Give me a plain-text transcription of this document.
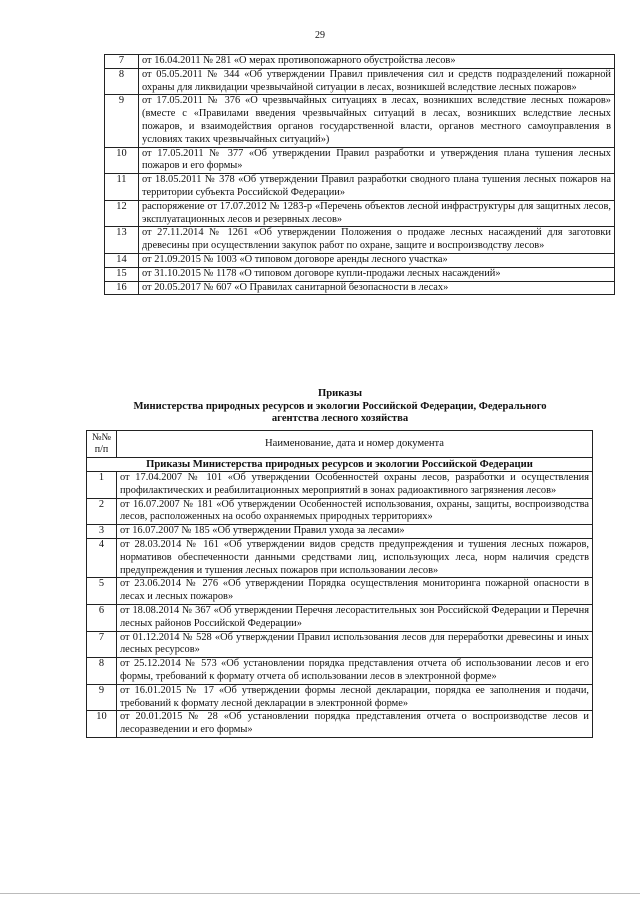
29
7	от 16.04.2011 № 281 «О мерах противопожарного обустройства лесов»
8	от 05.05.2011 № 344 «Об утверждении Правил привлечения сил и средств подразделений пожарной охраны для ликвидации чрезвычайной ситуации в лесах, возникшей вследствие лесных пожаров»
9	от 17.05.2011 № 376 «О чрезвычайных ситуациях в лесах, возникших вследствие лесных пожаров» (вместе с «Правилами введения чрезвычайных ситуаций в лесах, возникших вследствие лесных пожаров, и взаимодействия органов государственной власти, органов местного самоуправления в условиях таких чрезвычайных ситуаций»)
10	от 17.05.2011 № 377 «Об утверждении Правил разработки и утверждения плана тушения лесных пожаров и его формы»
11	от 18.05.2011 № 378 «Об утверждении Правил разработки сводного плана тушения лесных пожаров на территории субъекта Российской Федерации»
12	распоряжение от 17.07.2012 № 1283-р «Перечень объектов лесной инфраструктуры для защитных лесов, эксплуатационных лесов и резервных лесов»
13	от 27.11.2014 № 1261 «Об утверждении Положения о продаже лесных насаждений для заготовки древесины при осуществлении закупок работ по охране, защите и воспроизводству лесов»
14	от 21.09.2015 № 1003 «О типовом договоре аренды лесного участка»
15	от 31.10.2015 № 1178 «О типовом договоре купли-продажи лесных насаждений»
16	от 20.05.2017 № 607 «О Правилах санитарной безопасности в лесах»
Приказы
Министерства природных ресурсов и экологии Российской Федерации, Федерального
агентства лесного хозяйства
№№ п/п	Наименование, дата и номер документа
Приказы Министерства природных ресурсов и экологии Российской Федерации	
1	от 17.04.2007 № 101 «Об утверждении Особенностей охраны лесов, разработки и осуществления профилактических и реабилитационных мероприятий в зонах радиоактивного загрязнения лесов»
2	от 16.07.2007 № 181 «Об утверждении Особенностей использования, охраны, защиты, воспроизводства лесов, расположенных на особо охраняемых природных территориях»
3	от 16.07.2007 № 185 «Об утверждении Правил ухода за лесами»
4	от 28.03.2014 № 161 «Об утверждении видов средств предупреждения и тушения лесных пожаров, нормативов обеспеченности данными средствами лиц, использующих леса, норм наличия средств предупреждения и тушения лесных пожаров при использовании лесов»
5	от 23.06.2014 № 276 «Об утверждении Порядка осуществления мониторинга пожарной опасности в лесах и лесных пожаров»
6	от 18.08.2014 № 367 «Об утверждении Перечня лесорастительных зон Российской Федерации и Перечня лесных районов Российской Федерации»
7	от 01.12.2014 № 528 «Об утверждении Правил использования лесов для переработки древесины и иных лесных ресурсов»
8	от 25.12.2014 № 573 «Об установлении порядка представления отчета об использовании лесов и его формы, требований к формату отчета об использовании лесов в электронной форме»
9	от 16.01.2015 № 17 «Об утверждении формы лесной декларации, порядка ее заполнения и подачи, требований к формату лесной декларации в электронной форме»
10	от 20.01.2015 № 28 «Об установлении порядка представления отчета о воспроизводстве лесов и лесоразведении и его формы»
